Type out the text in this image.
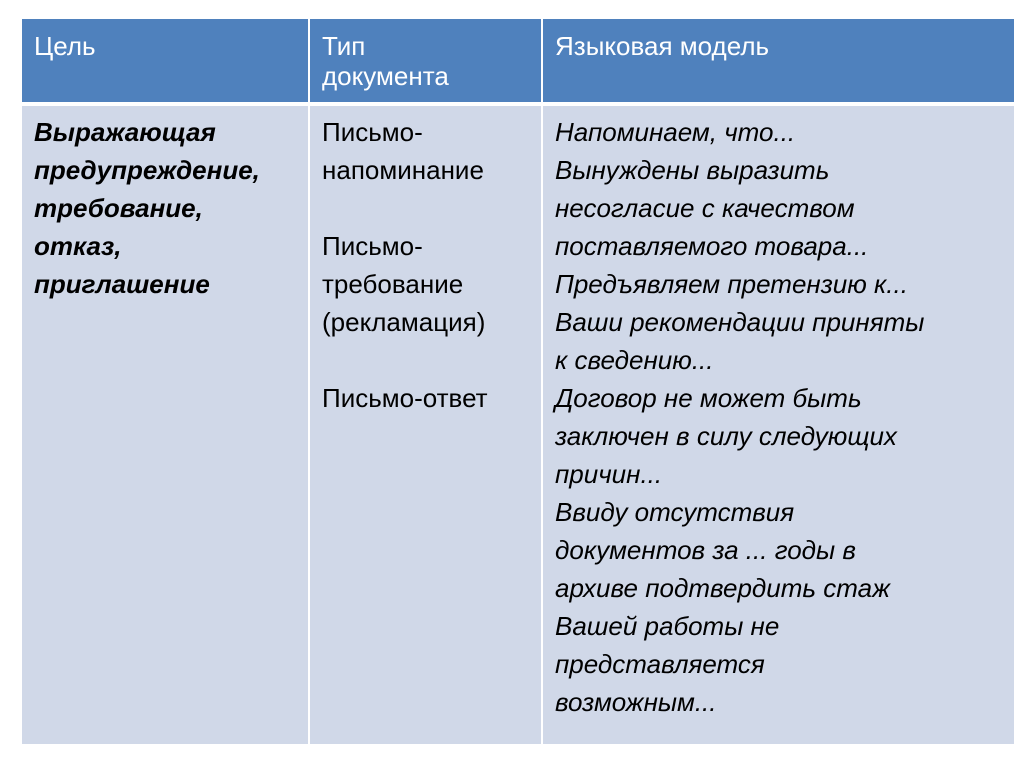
Цель	Тип
документа
Языковая модель
Выражающая
предупреждение,
требование,
отказ,
приглашение
Письмо-
напоминание
Письмо-
требование
(рекламация)
Письмо-ответ
Напоминаем, что...
Вынуждены выразить
несогласие с качеством
поставляемого товара...
Предъявляем претензию к...
Ваши рекомендации приняты
к сведению...
Договор не может быть
заключен в силу следующих
причин...
Ввиду отсутствия
документов за ... годы в
архиве подтвердить стаж
Вашей работы не
представляется
возможным...
